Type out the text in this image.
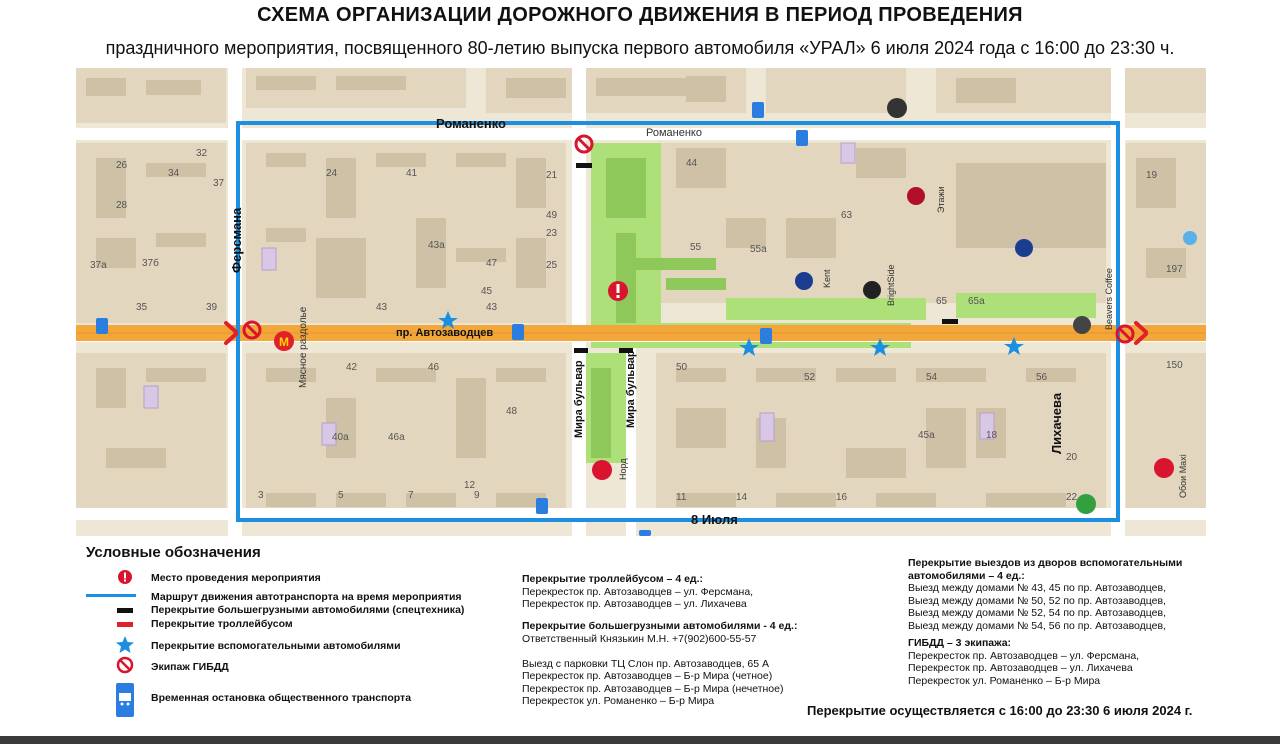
СХЕМА ОРГАНИЗАЦИИ ДОРОЖНОГО ДВИЖЕНИЯ В ПЕРИОД ПРОВЕДЕНИЯ
праздничного мероприятия, посвященного 80-летию выпуска первого автомобиля «УРАЛ» 6 июля 2024 года с 16:00 до 23:30 ч.
M
32
37
28
34
37а	37б
35	39	43
41
44
43
45
47
49
55	55а
63
65 65а
42	46
48
50
52	54	56
3	5	7	9	11
12
14	16
18
20
22
40а	46а	45а
43а
197
150
24
26
19
21
23
25
Романенко
Романенко
Ферсмана
пр. Автозаводцев
Мира бульвар	Мира бульвар	Лихачева
8 Июля
Мясное раздолье
Kent	BrightSide
Этажи
Норд
Beavers Coffee
Обои Maxi
Условные обозначения
Место проведения мероприятия
Маршрут движения автотранспорта на время мероприятия
Перекрытие большегрузными автомобилями (спецтехника)
Перекрытие троллейбусом
Перекрытие вспомогательными автомобилями
Экипаж ГИБДД
Временная остановка общественного транспорта
Перекрытие троллейбусом – 4 ед.:
Перекресток пр. Автозаводцев – ул. Ферсмана,
Перекресток пр. Автозаводцев – ул. Лихачева
Перекрытие большегрузными автомобилями - 4 ед.:
Ответственный Князькин М.Н. +7(902)600-55-57
Выезд с парковки ТЦ Слон пр. Автозаводцев, 65 А
Перекресток пр. Автозаводцев – Б-р Мира (четное)
Перекресток пр. Автозаводцев – Б-р Мира (нечетное)
Перекресток ул. Романенко – Б-р Мира
Перекрытие выездов из дворов вспомогательными автомобилями – 4 ед.:
Выезд между домами № 43, 45 по пр. Автозаводцев,
Выезд между домами № 50, 52 по пр. Автозаводцев,
Выезд между домами № 52, 54 по пр. Автозаводцев,
Выезд между домами № 54, 56 по пр. Автозаводцев,
ГИБДД – 3 экипажа:
Перекресток пр. Автозаводцев – ул. Ферсмана,
Перекресток пр. Автозаводцев – ул. Лихачева
Перекресток ул. Романенко – Б-р Мира
Перекрытие осуществляется с 16:00 до 23:30 6 июля 2024 г.
